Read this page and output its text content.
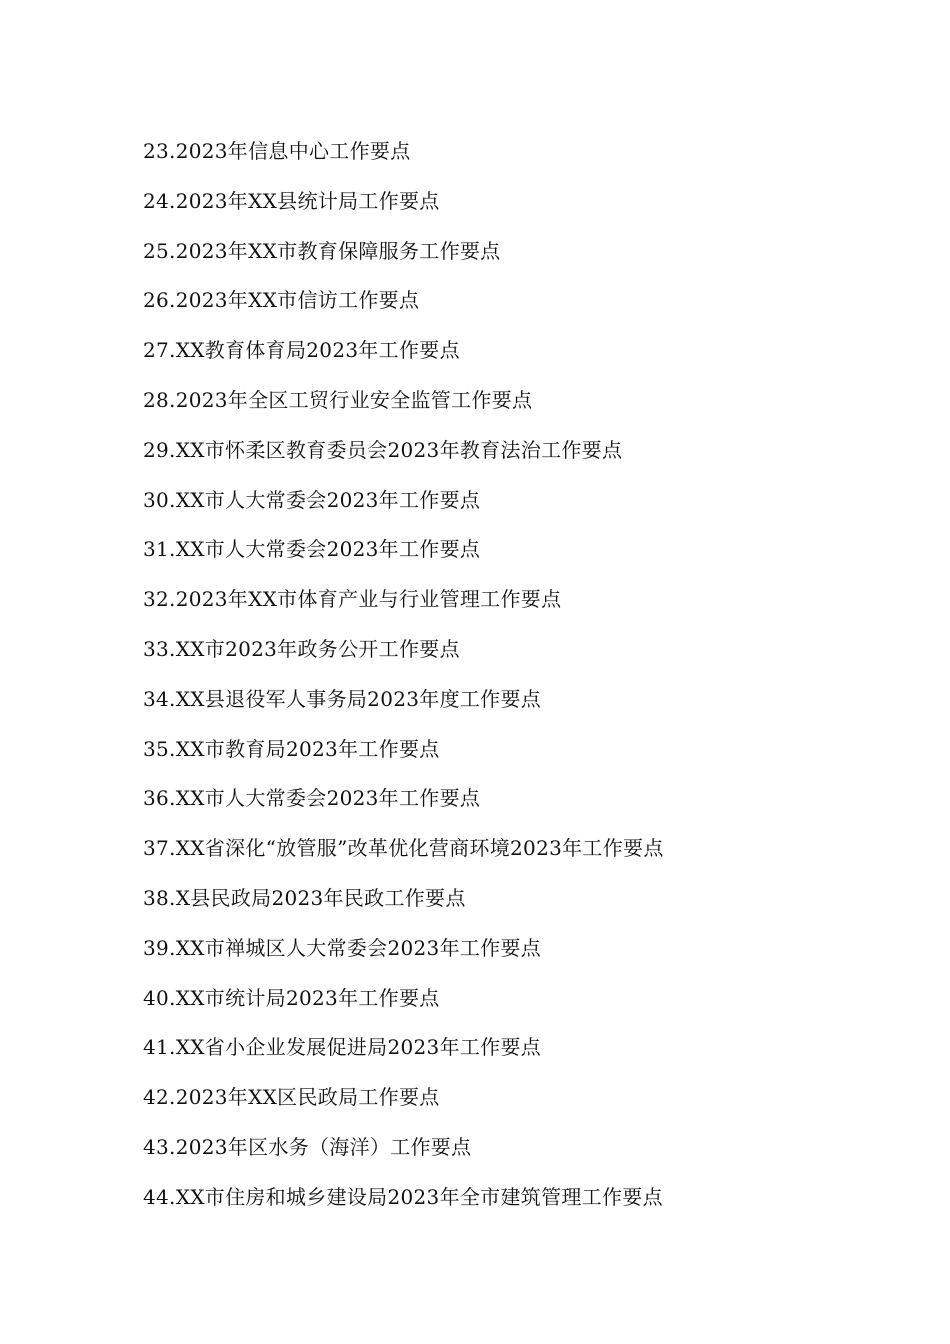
23.2023年信息中心工作要点
24.2023年XX县统计局工作要点
25.2023年XX市教育保障服务工作要点
26.2023年XX市信访工作要点
27.XX教育体育局2023年工作要点
28.2023年全区工贸行业安全监管工作要点
29.XX市怀柔区教育委员会2023年教育法治工作要点
30.XX市人大常委会2023年工作要点
31.XX市人大常委会2023年工作要点
32.2023年XX市体育产业与行业管理工作要点
33.XX市2023年政务公开工作要点
34.XX县退役军人事务局2023年度工作要点
35.XX市教育局2023年工作要点
36.XX市人大常委会2023年工作要点
37.XX省深化“放管服”改革优化营商环境2023年工作要点
38.X县民政局2023年民政工作要点
39.XX市禅城区人大常委会2023年工作要点
40.XX市统计局2023年工作要点
41.XX省小企业发展促进局2023年工作要点
42.2023年XX区民政局工作要点
43.2023年区水务（海洋）工作要点
44.XX市住房和城乡建设局2023年全市建筑管理工作要点
